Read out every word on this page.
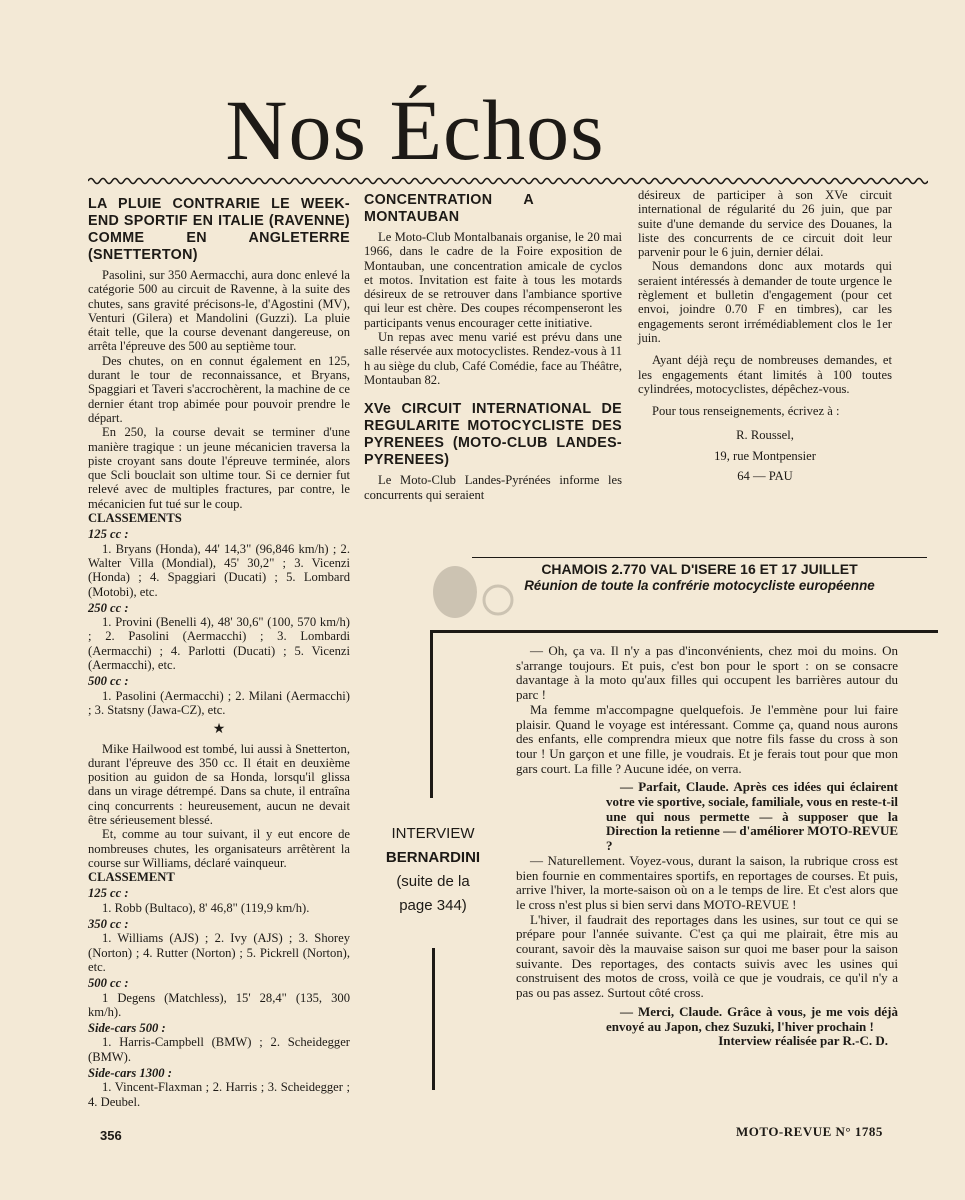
Nos Échos
LA PLUIE CONTRARIE LE WEEK-END SPORTIF EN ITALIE (RAVENNE) COMME EN ANGLETERRE (SNETTERTON)

Pasolini, sur 350 Aermacchi, aura donc enlevé la catégorie 500 au circuit de Ravenne, à la suite des chutes, sans gravité précisons-le, d'Agostini (MV), Venturi (Gilera) et Mandolini (Guzzi). La pluie était telle, que la course devenant dangereuse, on arrêta l'épreuve des 500 au septième tour.

Des chutes, on en connut également en 125, durant le tour de reconnaissance, et Bryans, Spaggiari et Taveri s'accrochèrent, la machine de ce dernier étant trop abimée pour pouvoir prendre le départ.

En 250, la course devait se terminer d'une manière tragique : un jeune mécanicien traversa la piste croyant sans doute l'épreuve terminée, alors que Scli bouclait son ultime tour. Si ce dernier fut relevé avec de multiples fractures, par contre, le mécanicien fut tué sur le coup.

CLASSEMENTS
125 cc :

1. Bryans (Honda), 44' 14,3" (96,846 km/h) ; 2. Walter Villa (Mondial), 45' 30,2" ; 3. Vicenzi (Honda) ; 4. Spaggiari (Ducati) ; 5. Lombard (Motobi), etc.

250 cc :

1. Provini (Benelli 4), 48' 30,6" (100, 570 km/h) ; 2. Pasolini (Aermacchi) ; 3. Lombardi (Aermacchi) ; 4. Parlotti (Ducati) ; 5. Vicenzi (Aermacchi), etc.

500 cc :

1. Pasolini (Aermacchi) ; 2. Milani (Aermacchi) ; 3. Statsny (Jawa-CZ), etc.

★

Mike Hailwood est tombé, lui aussi à Snetterton, durant l'épreuve des 350 cc. Il était en deuxième position au guidon de sa Honda, lorsqu'il glissa dans un virage détrempé. Dans sa chute, il entraîna cinq concurrents : heureusement, aucun ne devait être sérieusement blessé.

Et, comme au tour suivant, il y eut encore de nombreuses chutes, les organisateurs arrêtèrent la course sur Williams, déclaré vainqueur.

CLASSEMENT
125 cc :

1. Robb (Bultaco), 8' 46,8" (119,9 km/h).

350 cc :

1. Williams (AJS) ; 2. Ivy (AJS) ; 3. Shorey (Norton) ; 4. Rutter (Norton) ; 5. Pickrell (Norton), etc.

500 cc :

1 Degens (Matchless), 15' 28,4" (135, 300 km/h).

Side-cars 500 :

1. Harris-Campbell (BMW) ; 2. Scheidegger (BMW).

Side-cars 1300 :

1. Vincent-Flaxman ; 2. Harris ; 3. Scheidegger ; 4. Deubel.

CONCENTRATION A MONTAUBAN

Le Moto-Club Montalbanais organise, le 20 mai 1966, dans le cadre de la Foire exposition de Montauban, une concentration amicale de cyclos et motos. Invitation est faite à tous les motards désireux de se retrouver dans l'ambiance sportive qui leur est chère. Des coupes récompenseront les participants venus encourager cette initiative.

Un repas avec menu varié est prévu dans une salle réservée aux motocyclistes. Rendez-vous à 11 h au siège du club, Café Comédie, face au Théâtre, Montauban 82.

XVe CIRCUIT INTERNATIONAL DE REGULARITE MOTOCYCLISTE DES PYRENEES (MOTO-CLUB LANDES-PYRENEES)

Le Moto-Club Landes-Pyrénées informe les concurrents qui seraient

désireux de participer à son XVe circuit international de régularité du 26 juin, que par suite d'une demande du service des Douanes, la liste des concurrents de ce circuit doit leur parvenir pour le 6 juin, dernier délai.

Nous demandons donc aux motards qui seraient intéressés à demander de toute urgence le règlement et bulletin d'engagement (pour cet envoi, joindre 0.70 F en timbres), car les engagements seront irrémédiablement clos le 1er juin.

Ayant déjà reçu de nombreuses demandes, et les engagements étant limités à 100 toutes cylindrées, motocyclistes, dépêchez-vous.

Pour tous renseignements, écrivez à :

R. Roussel,
19, rue Montpensier
64 — PAU
CHAMOIS 2.770 VAL D'ISERE 16 ET 17 JUILLET
Réunion de toute la confrérie motocycliste européenne
INTERVIEW
BERNARDINI
(suite de la
page 344)

— Oh, ça va. Il n'y a pas d'inconvénients, chez moi du moins. On s'arrange toujours. Et puis, c'est bon pour le sport : on se consacre davantage à la moto qu'aux filles qui occupent les barrières autour du parc !

Ma femme m'accompagne quelquefois. Je l'emmène pour lui faire plaisir. Quand le voyage est intéressant. Comme ça, quand nous aurons des enfants, elle comprendra mieux que notre fils fasse du cross à son tour ! Un garçon et une fille, je voudrais. Et je ferais tout pour que mon gars court. La fille ? Aucune idée, on verra.

— Parfait, Claude. Après ces idées qui éclairent votre vie sportive, sociale, familiale, vous en reste-t-il une qui nous permette — à supposer que la Direction la retienne — d'améliorer MOTO-REVUE ?

— Naturellement. Voyez-vous, durant la saison, la rubrique cross est bien fournie en commentaires sportifs, en reportages de courses. Et puis, arrive l'hiver, la morte-saison où on a le temps de lire. Et c'est alors que le cross n'est plus si bien servi dans MOTO-REVUE !

L'hiver, il faudrait des reportages dans les usines, sur tout ce qui se prépare pour l'année suivante. C'est ça qui me plairait, être mis au courant, savoir dès la mauvaise saison sur quoi me baser pour la saison suivante. Des reportages, des contacts suivis avec les usines qui construisent des motos de cross, voilà ce que je voudrais, ce qu'il n'y a pas ou pas assez. Surtout côté cross.

— Merci, Claude. Grâce à vous, je me vois déjà envoyé au Japon, chez Suzuki, l'hiver prochain !

Interview réalisée par R.-C. D.
356	MOTO-REVUE N° 1785
